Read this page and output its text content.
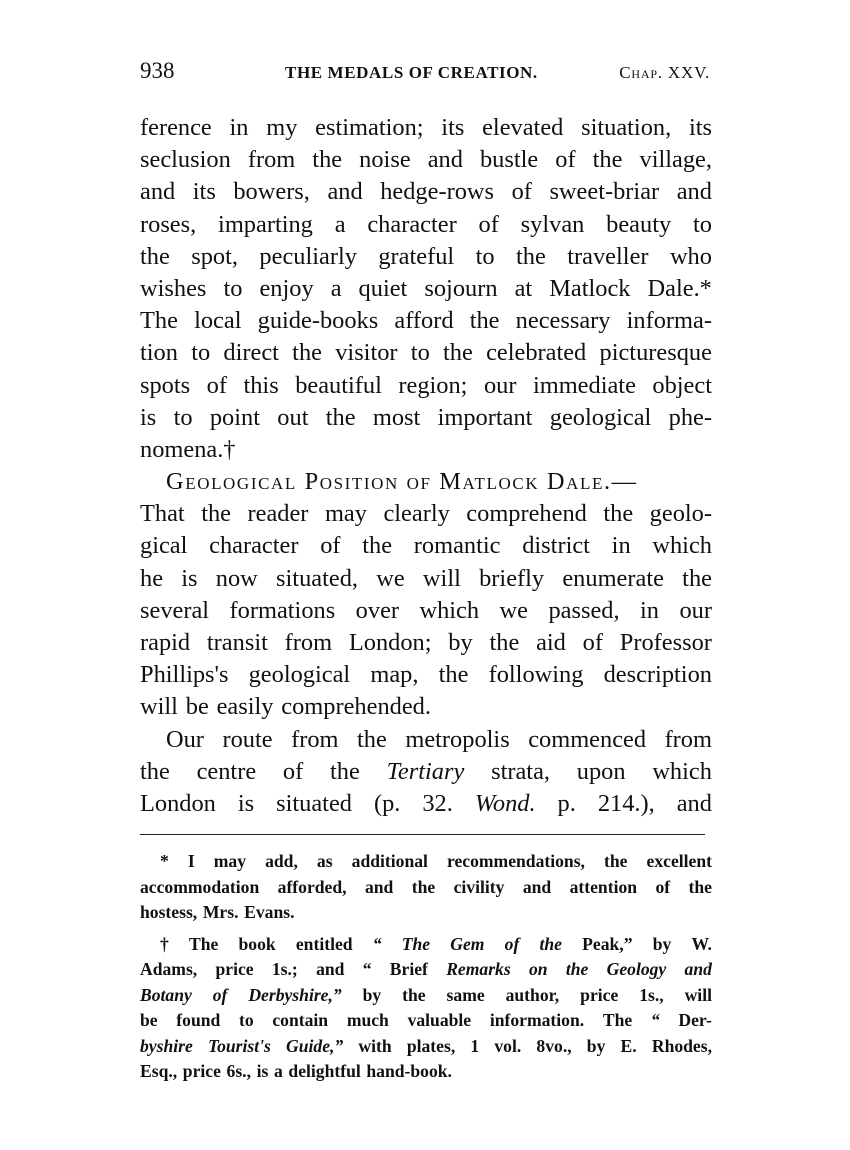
938	THE MEDALS OF CREATION.	Chap. XXV.
ference in my estimation; its elevated situation, its
seclusion from the noise and bustle of the village,
and its bowers, and hedge-rows of sweet-briar and
roses, imparting a character of sylvan beauty to
the spot, peculiarly grateful to the traveller who
wishes to enjoy a quiet sojourn at Matlock Dale.*
The local guide-books afford the necessary informa-
tion to direct the visitor to the celebrated picturesque
spots of this beautiful region; our immediate object
is to point out the most important geological phe-
nomena.†
Geological Position of Matlock Dale.—
That the reader may clearly comprehend the geolo-
gical character of the romantic district in which
he is now situated, we will briefly enumerate the
several formations over which we passed, in our
rapid transit from London; by the aid of Professor
Phillips's geological map, the following description
will be easily comprehended.
Our route from the metropolis commenced from
the centre of the Tertiary strata, upon which
London is situated (p. 32. Wond. p. 214.), and
* I may add, as additional recommendations, the excellent
accommodation afforded, and the civility and attention of the
hostess, Mrs. Evans.
† The book entitled “ The Gem of the Peak,” by W.
Adams, price 1s.; and “ Brief Remarks on the Geology and
Botany of Derbyshire,” by the same author, price 1s., will
be found to contain much valuable information. The “ Der-
byshire Tourist's Guide,” with plates, 1 vol. 8vo., by E. Rhodes,
Esq., price 6s., is a delightful hand-book.
